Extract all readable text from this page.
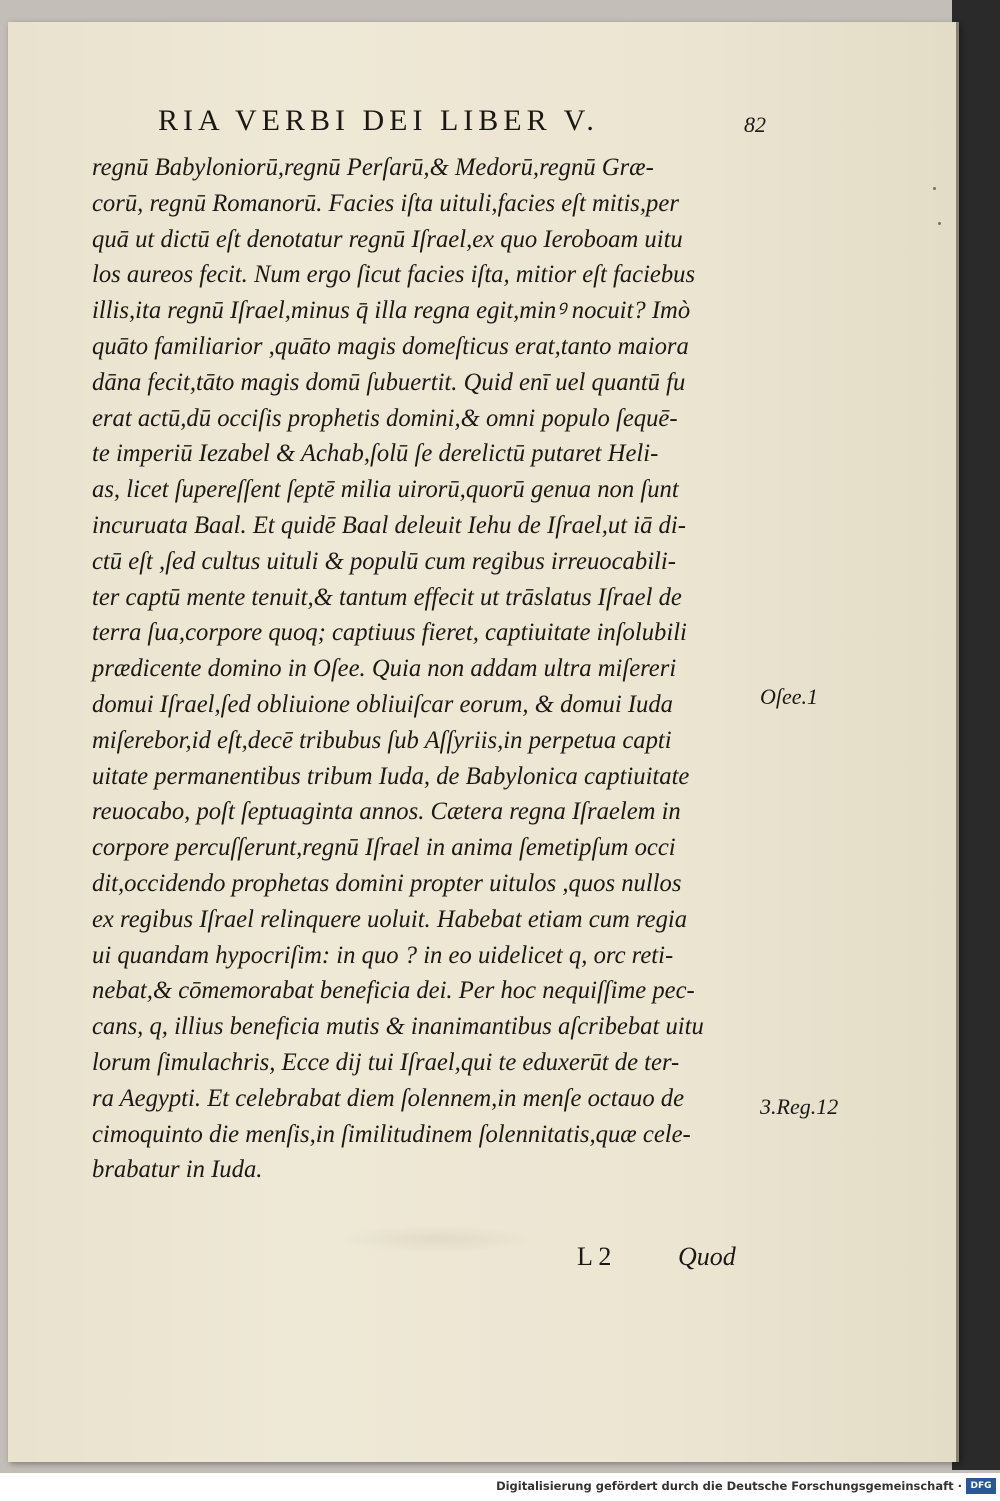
RIA VERBI DEI LIBER V.	82
regnū Babyloniorū,regnū Perſarū,& Medorū,regnū Græ-
corū, regnū Romanorū. Facies iſta uituli,facies eſt mitis,per
quā ut dictū eſt denotatur regnū Iſrael,ex quo Ieroboam uitu
los aureos fecit. Num ergo ſicut facies iſta, mitior eſt faciebus
illis,ita regnū Iſrael,minus q̄ illa regna egit,minꝰ nocuit? Imò
quāto familiarior ,quāto magis domeſticus erat,tanto maiora
dāna fecit,tāto magis domū ſubuertit. Quid enī uel quantū fu
erat actū,dū occiſis prophetis domini,& omni populo ſequē-
te imperiū Iezabel & Achab,ſolū ſe derelictū putaret Heli-
as, licet ſupereſſent ſeptē milia uirorū,quorū genua non ſunt
incuruata Baal. Et quidē Baal deleuit Iehu de Iſrael,ut iā di-
ctū eſt ,ſed cultus uituli & populū cum regibus irreuocabili-
ter captū mente tenuit,& tantum effecit ut trāslatus Iſrael de
terra ſua,corpore quoq; captiuus fieret, captiuitate inſolubili
prædicente domino in Oſee. Quia non addam ultra miſereri
domui Iſrael,ſed obliuione obliuiſcar eorum, & domui Iuda
miſerebor,id eſt,decē tribubus ſub Aſſyriis,in perpetua capti
uitate permanentibus tribum Iuda, de Babylonica captiuitate
reuocabo, poſt ſeptuaginta annos. Cætera regna Iſraelem in
corpore percuſſerunt,regnū Iſrael in anima ſemetipſum occi
dit,occidendo prophetas domini propter uitulos ,quos nullos
ex regibus Iſrael relinquere uoluit. Habebat etiam cum regia
ui quandam hypocriſim: in quo ? in eo uidelicet q, orc reti-
nebat,& cōmemorabat beneficia dei. Per hoc nequiſſime pec-
cans, q, illius beneficia mutis & inanimantibus aſcribebat uitu
lorum ſimulachris, Ecce dij tui Iſrael,qui te eduxerūt de ter-
ra Aegypti. Et celebrabat diem ſolennem,in menſe octauo de
cimoquinto die menſis,in ſimilitudinem ſolennitatis,quæ cele-
brabatur in Iuda.
Oſee.1
3.Reg.12
L 2	Quod
Digitalisierung gefördert durch die Deutsche Forschungsgemeinschaft · DFG
